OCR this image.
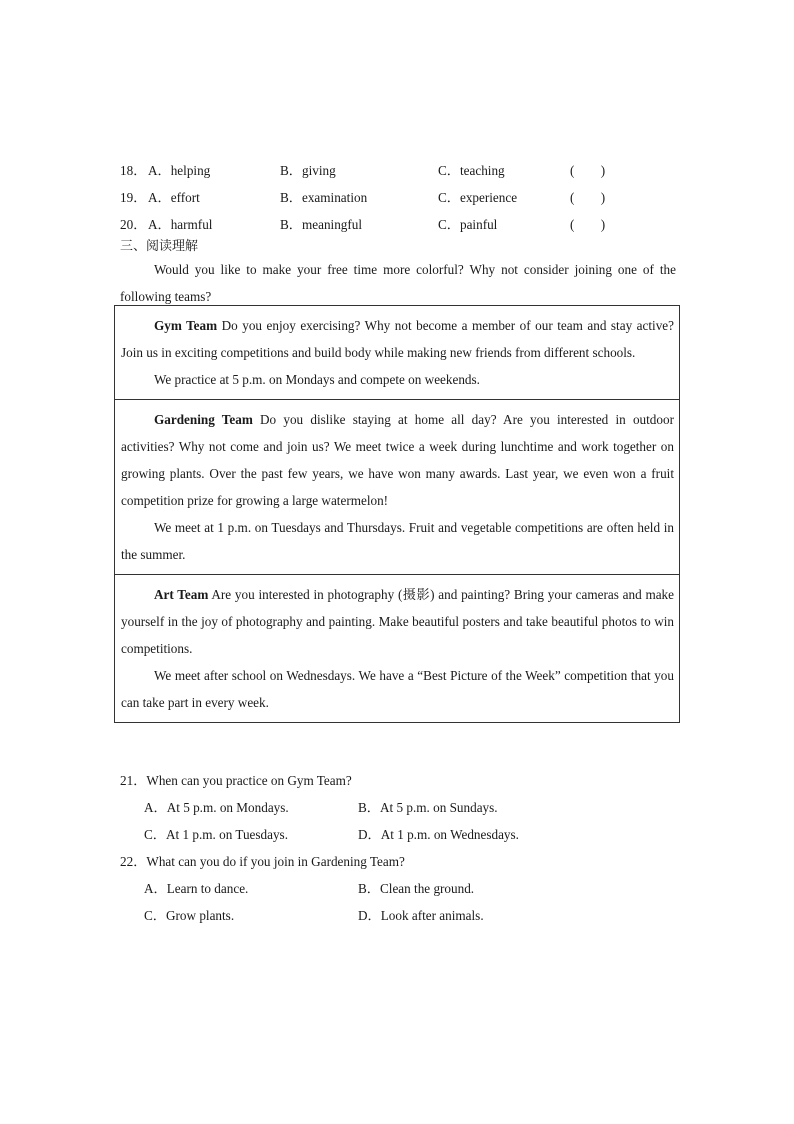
18． A．helping	B．giving	C．teaching	(　　)
19． A．effort	B．examination	C．experience	(　　)
20． A．harmful	B．meaningful	C．painful	(　　)
三、阅读理解

Would you like to make your free time more colorful? Why not consider joining one of the following teams?

Gym Team Do you enjoy exercising? Why not become a member of our team and stay active? Join us in exciting competitions and build body while making new friends from different schools.

We practice at 5 p.m. on Mondays and compete on weekends.

Gardening Team Do you dislike staying at home all day? Are you interested in outdoor activities? Why not come and join us? We meet twice a week during lunchtime and work together on growing plants. Over the past few years, we have won many awards. Last year, we even won a fruit competition prize for growing a large watermelon!

We meet at 1 p.m. on Tuesdays and Thursdays. Fruit and vegetable competitions are often held in the summer.

Art Team Are you interested in photography (摄影) and painting? Bring your cameras and make yourself in the joy of photography and painting. Make beautiful posters and take beautiful photos to win competitions.

We meet after school on Wednesdays. We have a “Best Picture of the Week” competition that you can take part in every week.

21．When can you practice on Gym Team?
A．At 5 p.m. on Mondays.	B．At 5 p.m. on Sundays.
C．At 1 p.m. on Tuesdays.	D．At 1 p.m. on Wednesdays.
22．What can you do if you join in Gardening Team?
A．Learn to dance.	B．Clean the ground.
C．Grow plants.	D．Look after animals.
